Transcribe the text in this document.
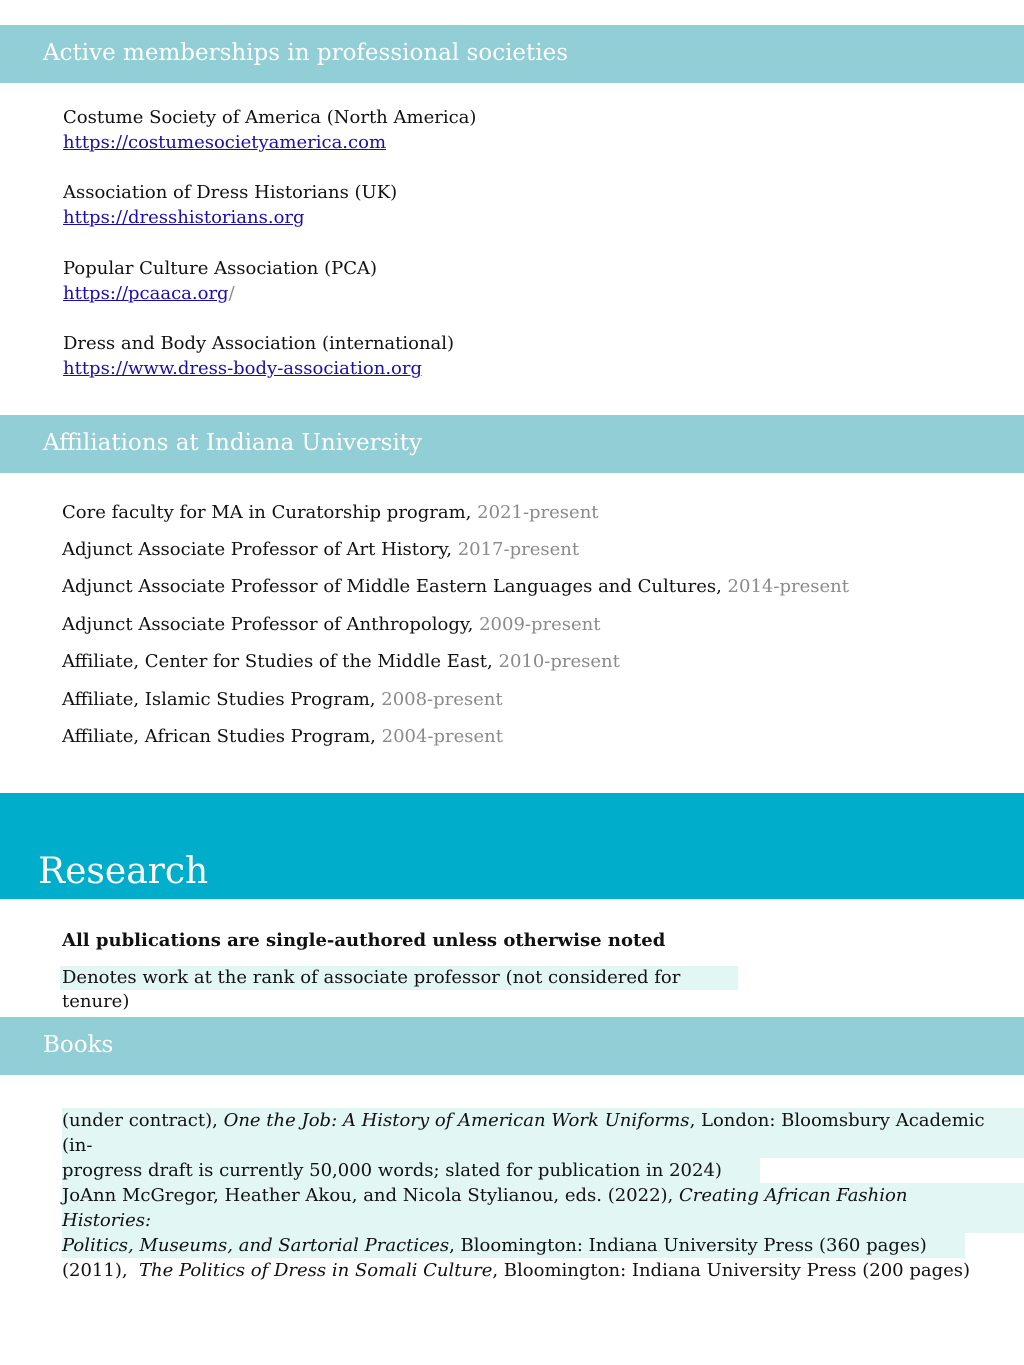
Active memberships in professional societies
Costume Society of America (North America)
https://costumesocietyamerica.com
Association of Dress Historians (UK)
https://dresshistorians.org
Popular Culture Association (PCA)
https://pcaaca.org/
Dress and Body Association (international)
https://www.dress-body-association.org
Affiliations at Indiana University
Core faculty for MA in Curatorship program, 2021-present
Adjunct Associate Professor of Art History, 2017-present
Adjunct Associate Professor of Middle Eastern Languages and Cultures, 2014-present
Adjunct Associate Professor of Anthropology, 2009-present
Affiliate, Center for Studies of the Middle East, 2010-present
Affiliate, Islamic Studies Program, 2008-present
Affiliate, African Studies Program, 2004-present
Research
All publications are single-authored unless otherwise noted
Denotes work at the rank of associate professor (not considered for tenure)
Books
(under contract), One the Job: A History of American Work Uniforms, London: Bloomsbury Academic (in-
progress draft is currently 50,000 words; slated for publication in 2024)
JoAnn McGregor, Heather Akou, and Nicola Stylianou, eds. (2022), Creating African Fashion Histories:
Politics, Museums, and Sartorial Practices, Bloomington: Indiana University Press (360 pages)
(2011),  The Politics of Dress in Somali Culture, Bloomington: Indiana University Press (200 pages)
